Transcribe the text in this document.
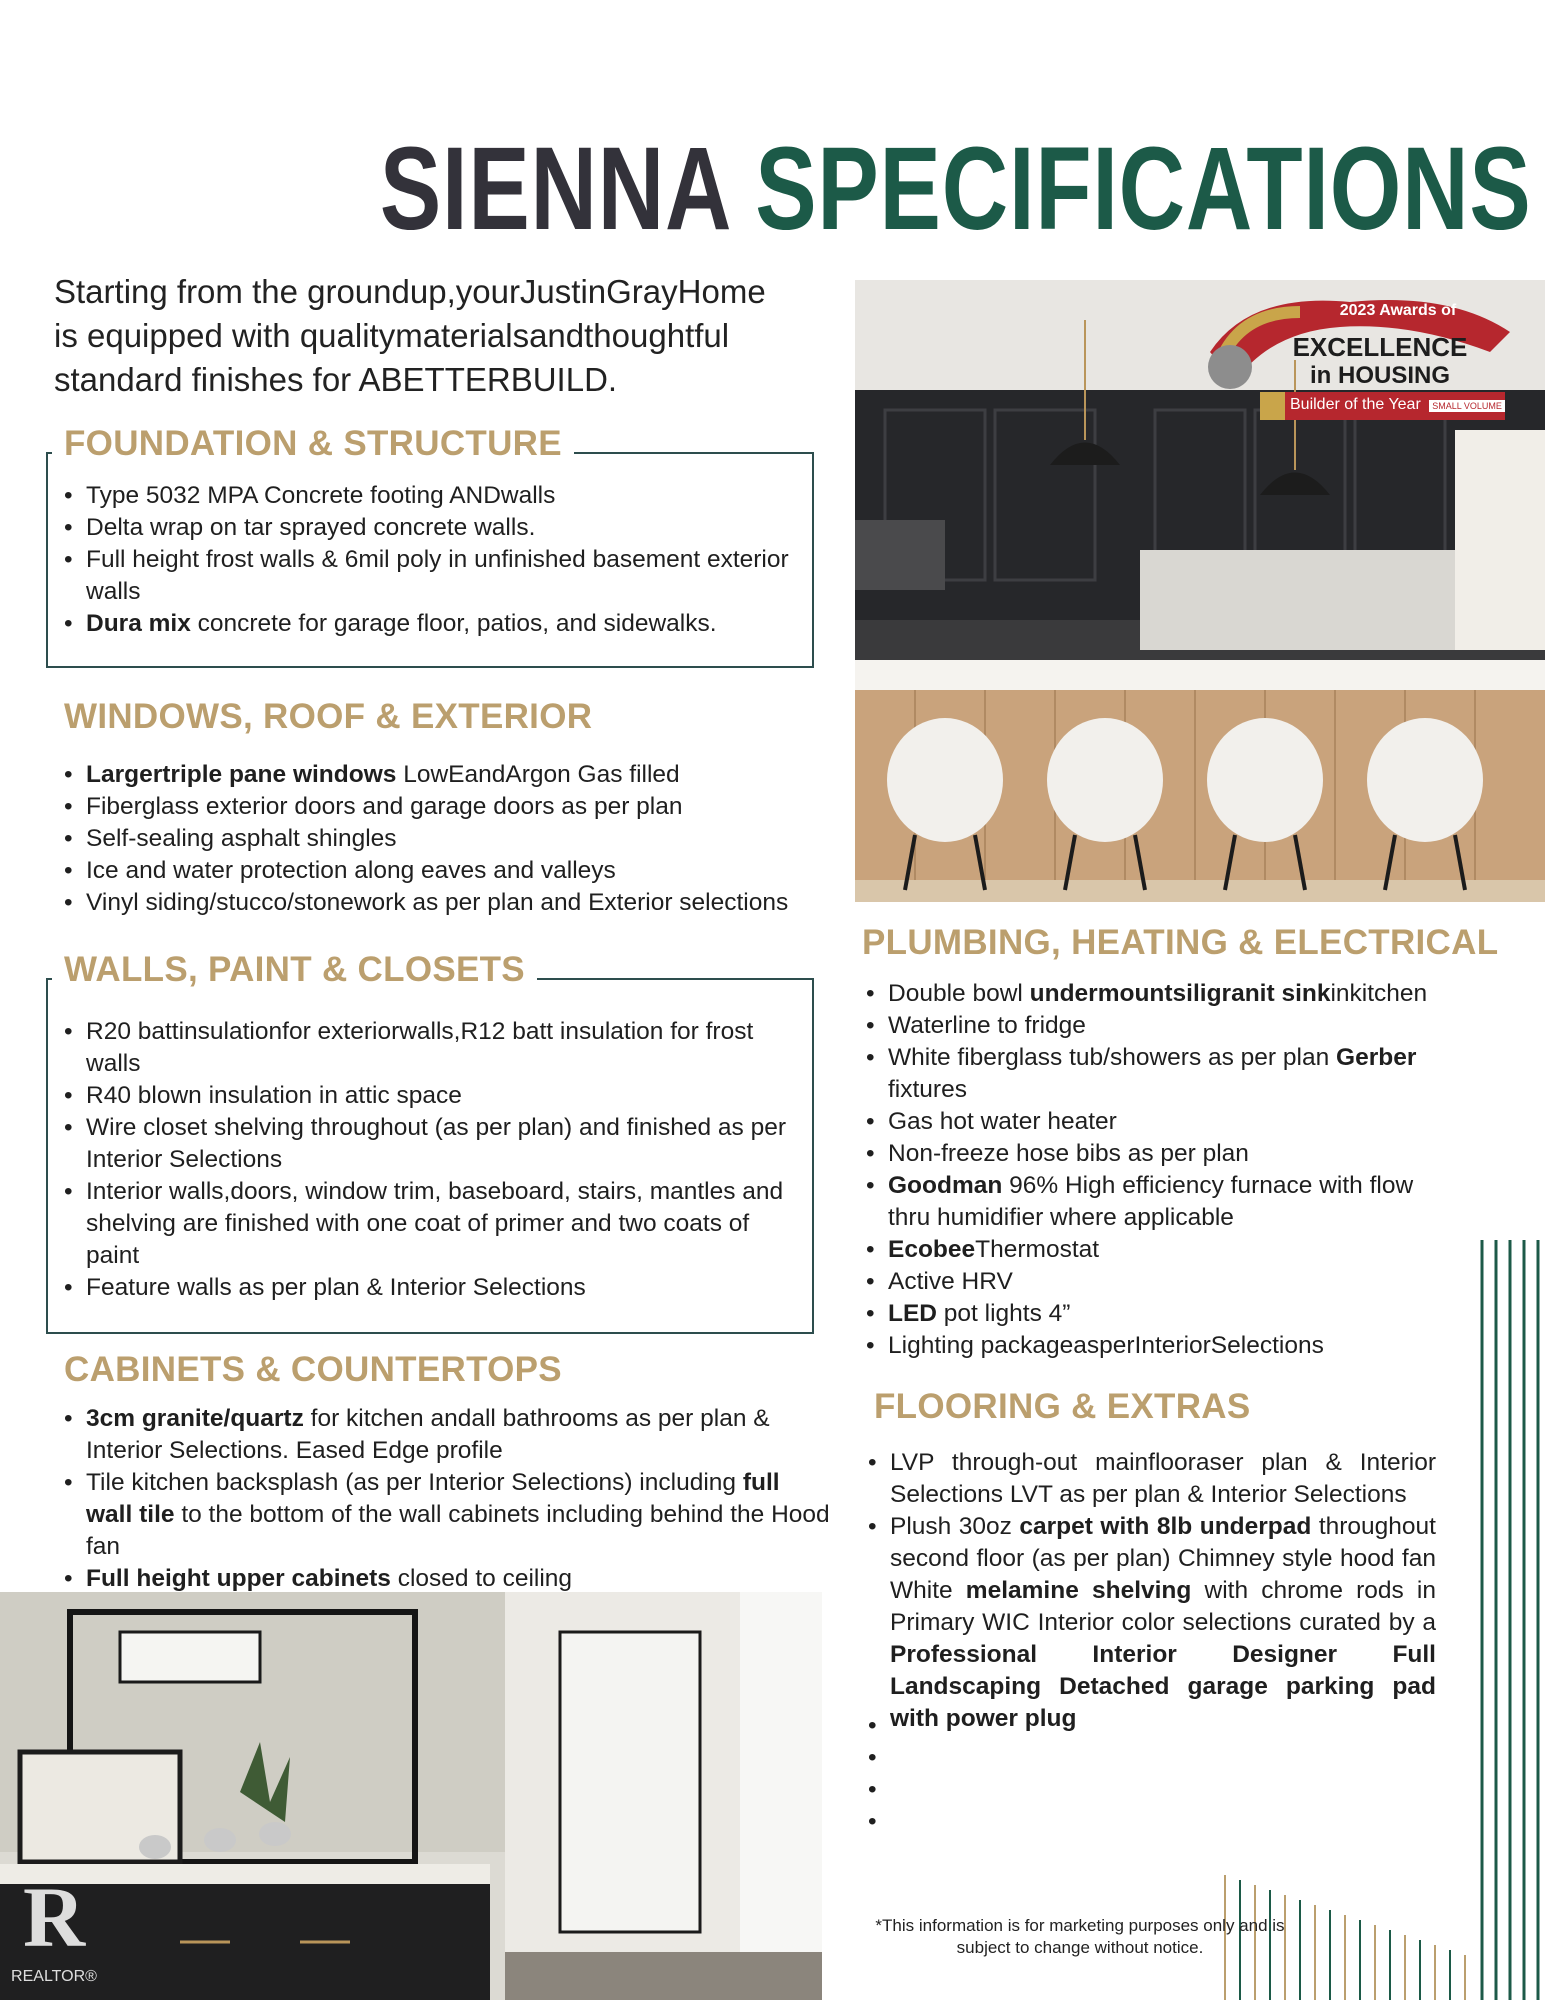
SIENNA SPECIFICATIONS

Starting from the groundup,yourJustinGrayHome is equipped with qualitymaterialsandthoughtful standard finishes for ABETTERBUILD.

FOUNDATION & STRUCTURE
• Type 5032 MPA Concrete footing ANDwalls
• Delta wrap on tar sprayed concrete walls.
• Full height frost walls & 6mil poly in unfinished basement exterior walls
• Dura mix concrete for garage floor, patios, and sidewalks.
WINDOWS, ROOF & EXTERIOR
• Largertriple pane windows LowEandArgon Gas filled
• Fiberglass exterior doors and garage doors as per plan
• Self-sealing asphalt shingles
• Ice and water protection along eaves and valleys
• Vinyl siding/stucco/stonework as per plan and Exterior selections
WALLS, PAINT & CLOSETS
• R20 battinsulationfor exteriorwalls,R12 batt insulation for frost walls
• R40 blown insulation in attic space
• Wire closet shelving throughout (as per plan) and finished as per Interior Selections
• Interior walls,doors, window trim, baseboard, stairs, mantles and shelving are finished with one coat of primer and two coats of paint
• Feature walls as per plan & Interior Selections
CABINETS & COUNTERTOPS
• 3cm granite/quartz for kitchen andall bathrooms as per plan & Interior Selections. Eased Edge profile
• Tile kitchen backsplash (as per Interior Selections) including full wall tile to the bottom of the wall cabinets including behind the Hood fan
• Full height upper cabinets closed to ceiling
2023 Awards of
EXCELLENCE
in HOUSING
Builder of the Year SMALL VOLUME
PLUMBING, HEATING & ELECTRICAL
• Double bowl undermountsiligranit sinkinkitchen
• Waterline to fridge
• White fiberglass tub/showers as per plan Gerber fixtures
• Gas hot water heater
• Non-freeze hose bibs as per plan
• Goodman 96% High efficiency furnace with flow thru humidifier where applicable
• EcobeeThermostat
• Active HRV
• LED pot lights 4”
• Lighting packageasperInteriorSelections
FLOORING & EXTRAS
• LVP through-out mainflooraser plan & Interior Selections LVT as per plan & Interior Selections
• Plush 30oz carpet with 8lb underpad throughout second floor (as per plan) Chimney style hood fan White melamine shelving with chrome rods in Primary WIC Interior color selections curated by a Professional Interior Designer Full Landscaping Detached garage parking pad with power plug
•
•
•
•
R
REALTOR®

*This information is for marketing purposes only and is subject to change without notice.
